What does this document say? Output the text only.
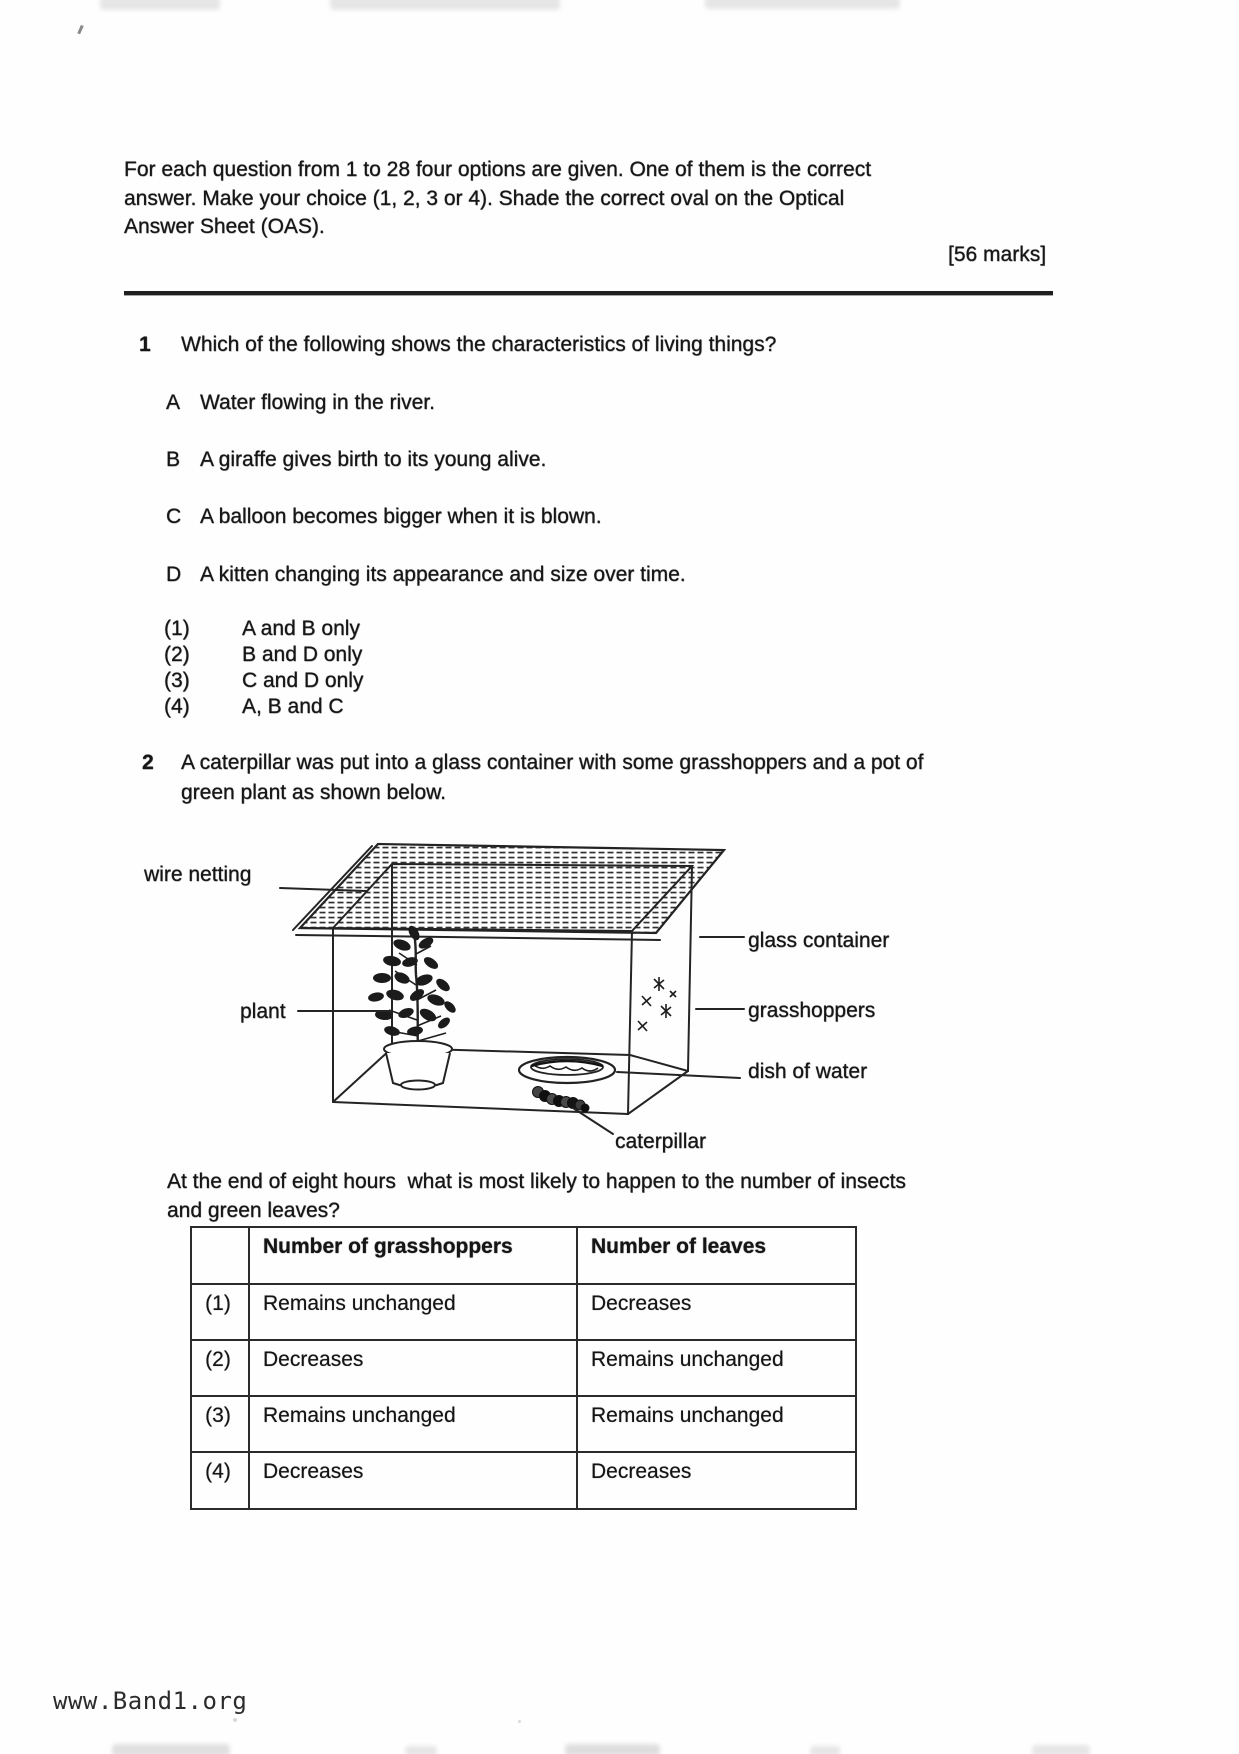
For each question from 1 to 28 four options are given. One of them is the correct
answer. Make your choice (1, 2, 3 or 4). Shade the correct oval on the Optical
Answer Sheet (OAS).
[56 marks]
1 Which of the following shows the characteristics of living things?
A Water flowing in the river.
B A giraffe gives birth to its young alive.
C A balloon becomes bigger when it is blown.
D A kitten changing its appearance and size over time.
(1) A and B only
(2) B and D only
(3) C and D only
(4) A, B and C
2 A caterpillar was put into a glass container with some grasshoppers and a pot of
green plant as shown below.
wire netting
glass container
plant	grasshoppers
dish of water
caterpillar
At the end of eight hours  what is most likely to happen to the number of insects
and green leaves?
	Number of grasshoppers	Number of leaves
(1)	Remains unchanged	Decreases
(2)	Decreases	Remains unchanged
(3)	Remains unchanged	Remains unchanged
(4)	Decreases	Decreases
www.Band1.org
